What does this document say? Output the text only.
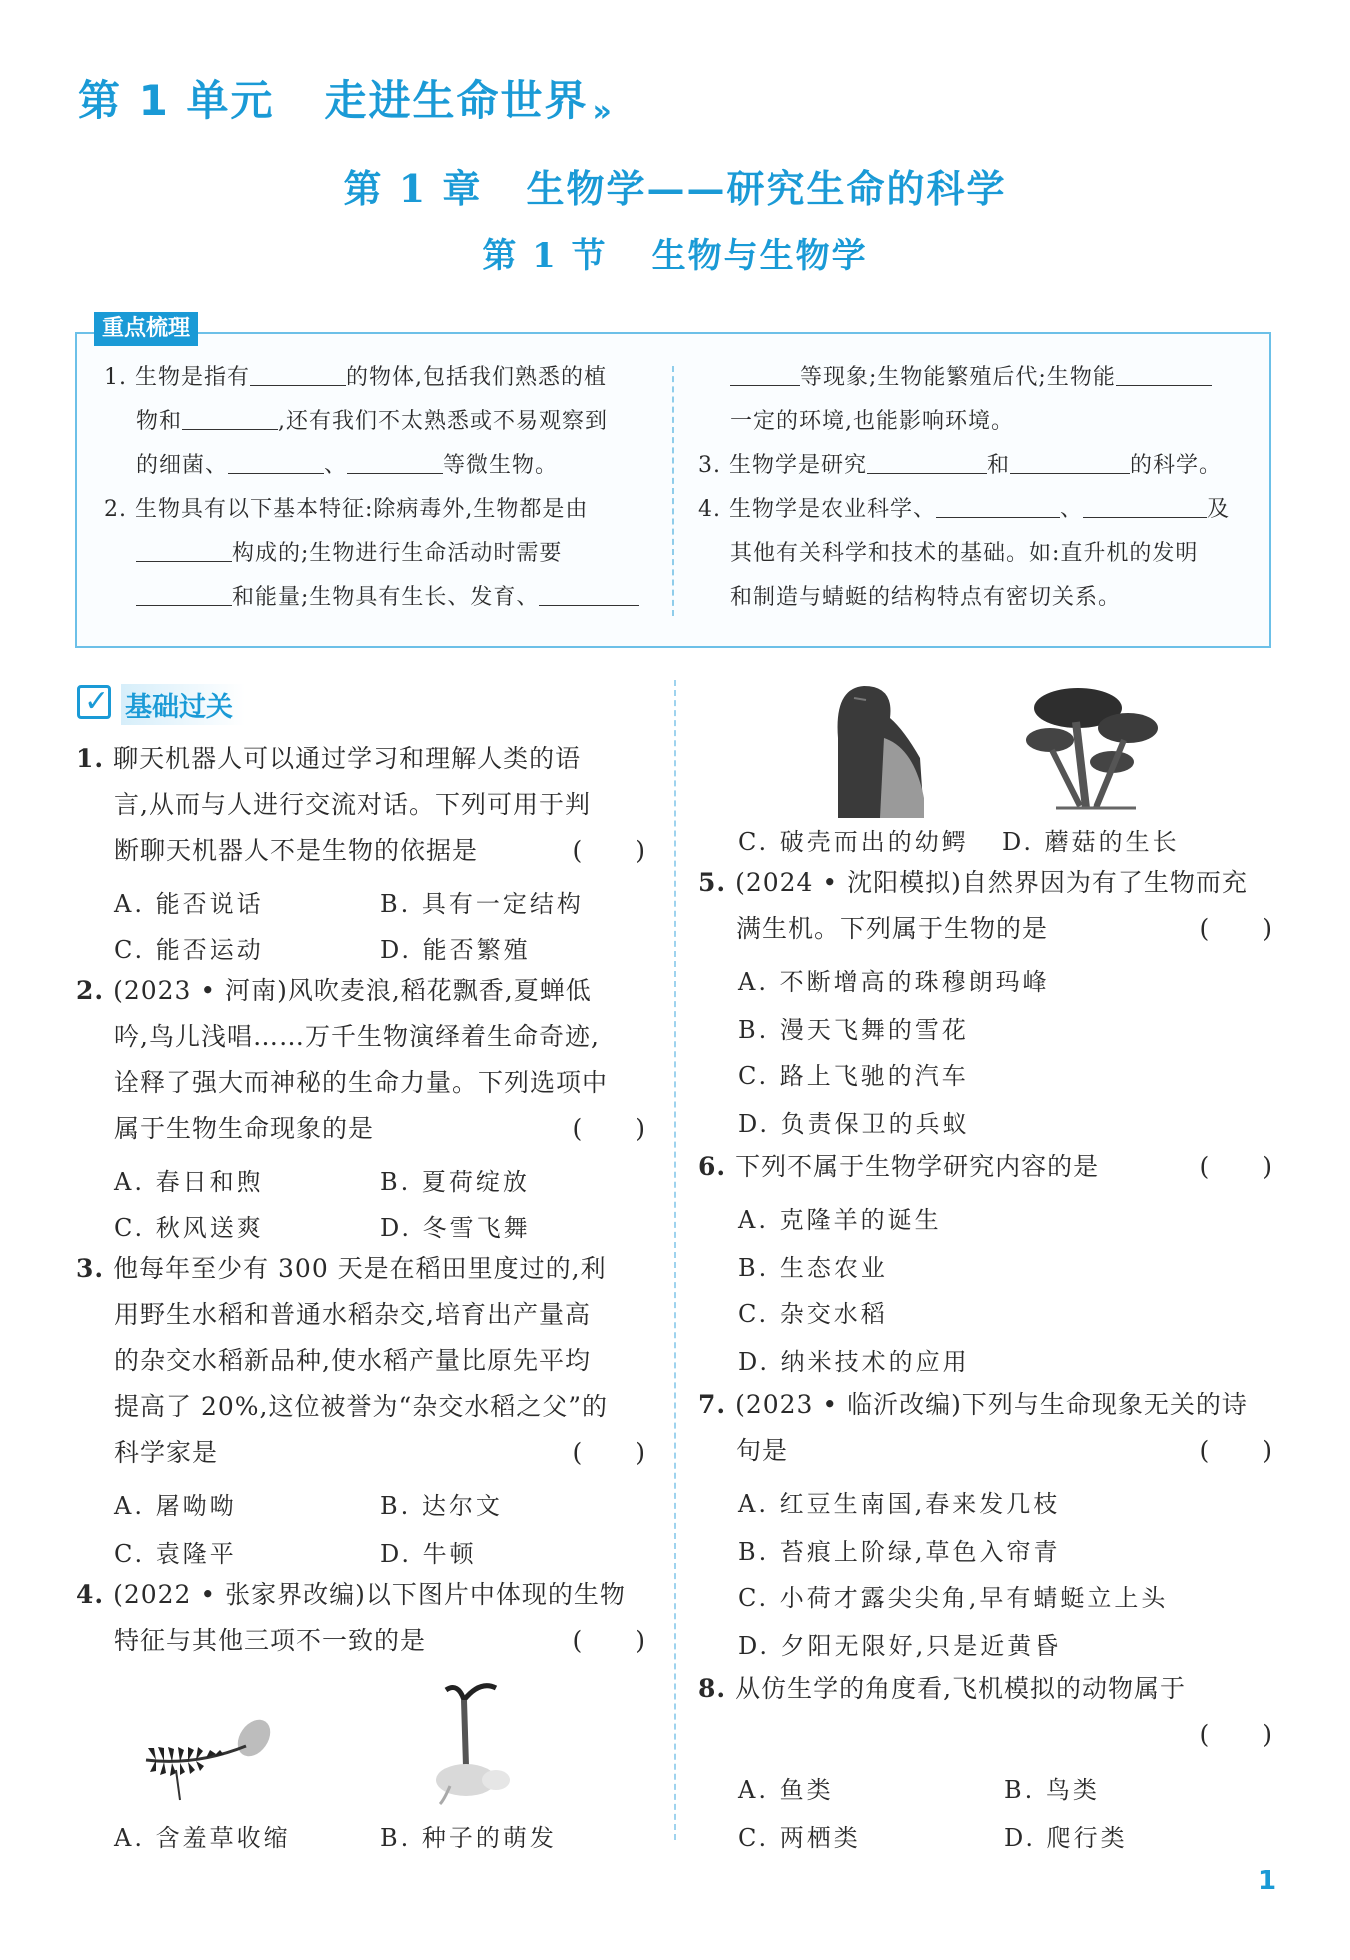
第 1 单元 走进生命世界 »
第 1 章 生物学——研究生命的科学
第 1 节 生物与生物学
重点梳理
1. 生物是指有	的物体,包括我们熟悉的植
物和	,还有我们不太熟悉或不易观察到
的细菌、	、	等微生物。
2. 生物具有以下基本特征:除病毒外,生物都是由
构成的;生物进行生命活动时需要
和能量;生物具有生长、发育、
等现象;生物能繁殖后代;生物能
一定的环境,也能影响环境。
3. 生物学是研究	和	的科学。
4. 生物学是农业科学、	、	及
其他有关科学和技术的基础。如:直升机的发明
和制造与蜻蜓的结构特点有密切关系。
✓ 基础过关
1. 聊天机器人可以通过学习和理解人类的语
言,从而与人进行交流对话。下列可用于判
断聊天机器人不是生物的依据是	(　　)
A. 能否说话	B. 具有一定结构
C. 能否运动	D. 能否繁殖
2. (2023 • 河南)风吹麦浪,稻花飘香,夏蝉低
吟,鸟儿浅唱……万千生物演绎着生命奇迹,
诠释了强大而神秘的生命力量。下列选项中
属于生物生命现象的是	(　　)
A. 春日和煦	B. 夏荷绽放
C. 秋风送爽	D. 冬雪飞舞
3. 他每年至少有 300 天是在稻田里度过的,利
用野生水稻和普通水稻杂交,培育出产量高
的杂交水稻新品种,使水稻产量比原先平均
提高了 20%,这位被誉为“杂交水稻之父”的
科学家是	(　　)
A. 屠呦呦	B. 达尔文
C. 袁隆平	D. 牛顿
4. (2022 • 张家界改编)以下图片中体现的生物
特征与其他三项不一致的是	(　　)
A. 含羞草收缩	B. 种子的萌发
C. 破壳而出的幼鳄 D. 蘑菇的生长
5. (2024 • 沈阳模拟)自然界因为有了生物而充
满生机。下列属于生物的是	(　　)
A. 不断增高的珠穆朗玛峰
B. 漫天飞舞的雪花
C. 路上飞驰的汽车
D. 负责保卫的兵蚁
6. 下列不属于生物学研究内容的是	(　　)
A. 克隆羊的诞生
B. 生态农业
C. 杂交水稻
D. 纳米技术的应用
7. (2023 • 临沂改编)下列与生命现象无关的诗
句是	(　　)
A. 红豆生南国,春来发几枝
B. 苔痕上阶绿,草色入帘青
C. 小荷才露尖尖角,早有蜻蜓立上头
D. 夕阳无限好,只是近黄昏
8. 从仿生学的角度看,飞机模拟的动物属于
(　　)
A. 鱼类	B. 鸟类
C. 两栖类	D. 爬行类
1
